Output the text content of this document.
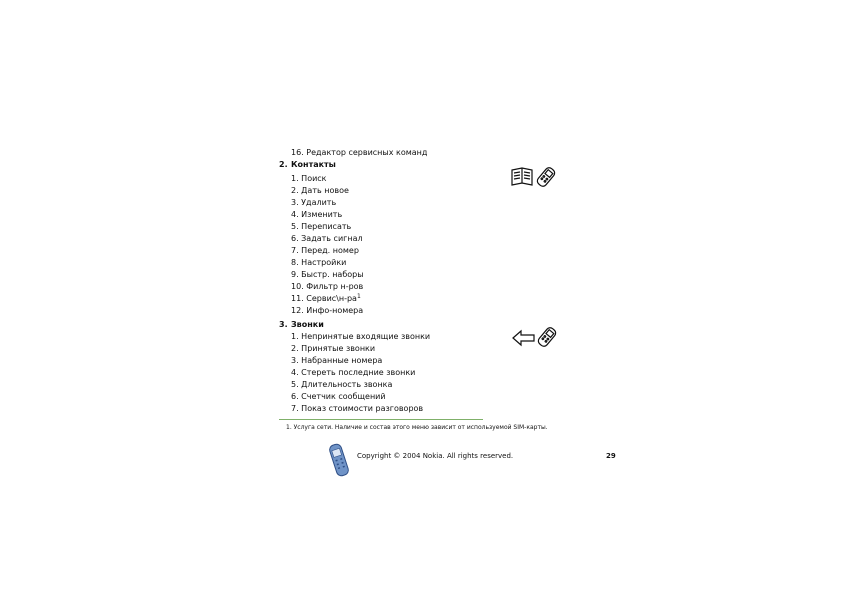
16. Редактор сервисных команд
2. Контакты
1. Поиск
2. Дать новое
3. Удалить
4. Изменить
5. Переписать
6. Задать сигнал
7. Перед. номер
8. Настройки
9. Быстр. наборы
10. Фильтр н-ров
11. $Сервис\backslash н-ра^1$
12. Инфо-номера
3. Звонки
1. Непринятые входящие звонки
2. Принятые звонки
3. Набранные номера
4. Стереть последние звонки
5. Длительность звонка
6. Счетчик сообщений
7. Показ стоимости разговоров
1. Услуга сети. Наличие и состав этого меню зависит от используемой SIM-карты.
Copyright © 2004 Nokia. All rights reserved.	29
